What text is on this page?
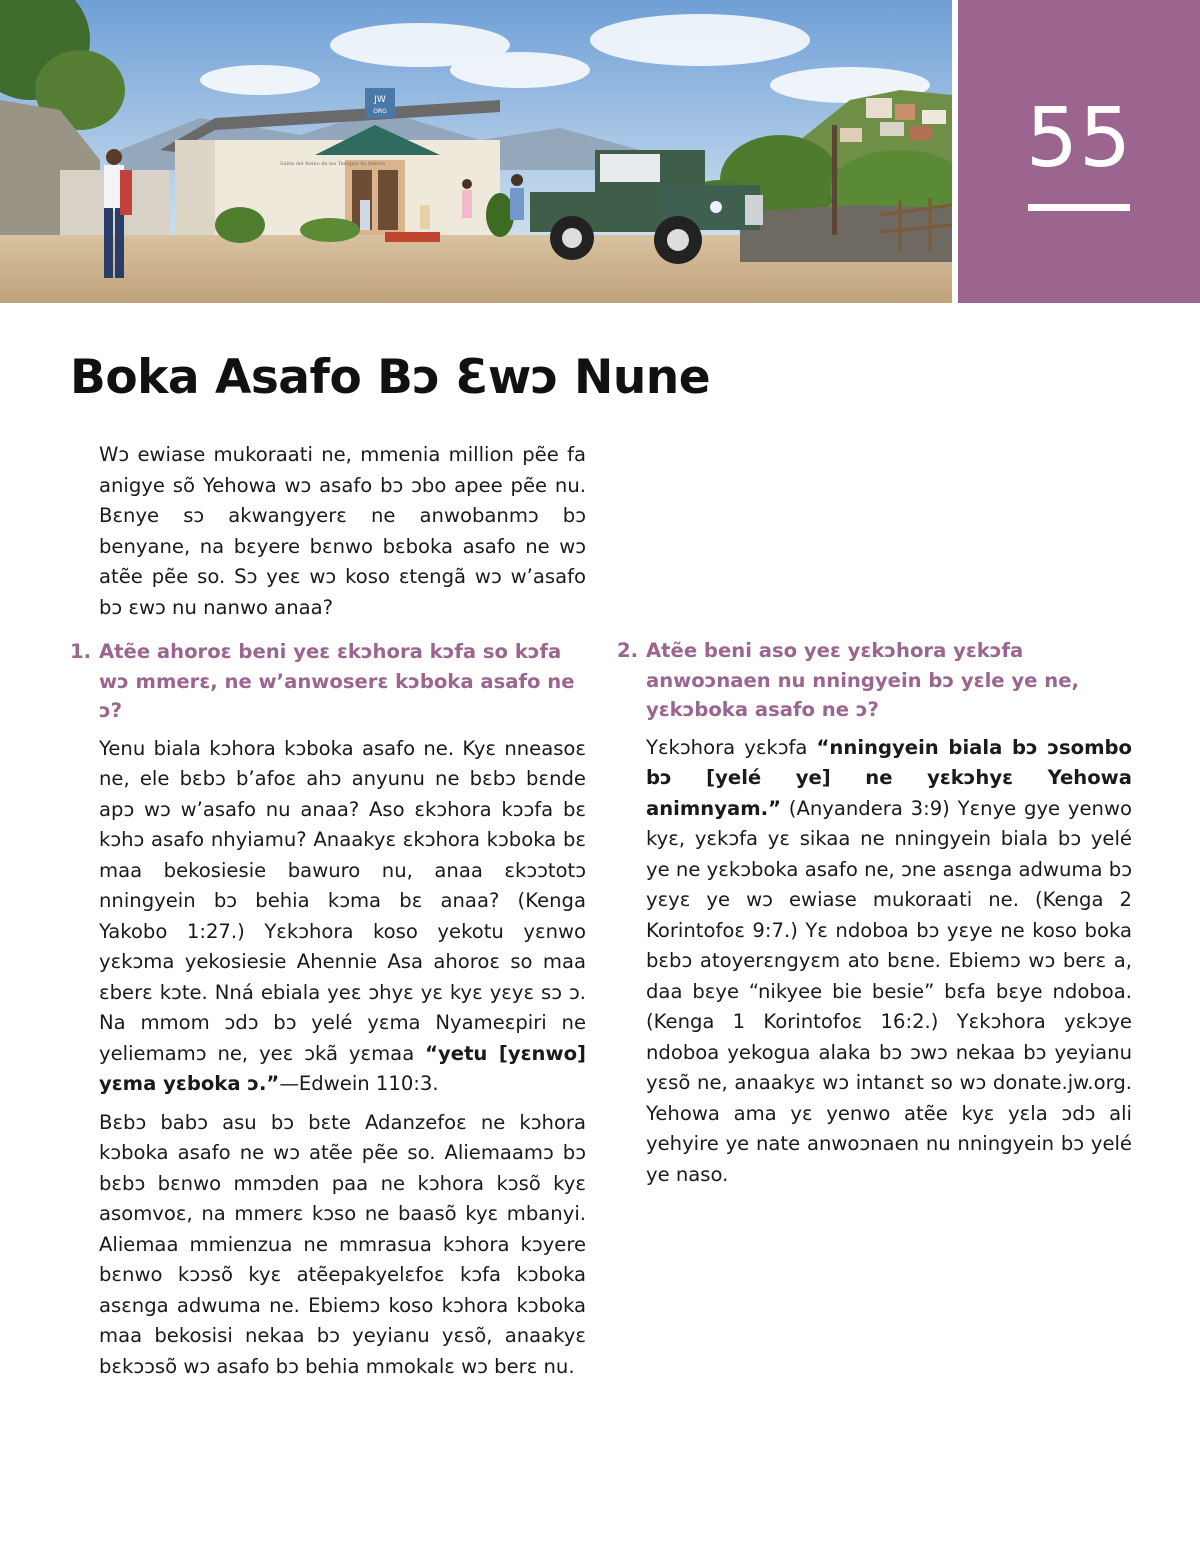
JW
ORG
Salón del Reino de los Testigos de Jehová	55
Boka Asafo Bɔ Ɛwɔ Nune

Wɔ ewiase mukoraati ne, mmenia million pẽe fa anigye sõ Yehowa wɔ asafo bɔ ɔbo apee pẽe nu. Bɛnye sɔ akwangyerɛ ne anwobanmɔ bɔ benyane, na bɛyere bɛnwo bɛboka asafo ne wɔ atẽe pẽe so. Sɔ yeɛ wɔ koso ɛtengã wɔ w’asafo bɔ ɛwɔ nu nanwo anaa?

1. Atẽe ahoroɛ beni yeɛ ɛkɔhora kɔfa so kɔfa wɔ mmerɛ, ne w’anwoserɛ kɔboka asafo ne ɔ?

Yenu biala kɔhora kɔboka asafo ne. Kyɛ nneasoɛ ne, ele bɛbɔ b’afoɛ ahɔ anyunu ne bɛbɔ bɛnde apɔ wɔ w’asafo nu anaa? Aso ɛkɔhora kɔɔfa bɛ kɔhɔ asafo nhyiamu? Anaakyɛ ɛkɔhora kɔboka bɛ maa bekosiesie bawuro nu, anaa ɛkɔɔtotɔ nningyein bɔ behia kɔma bɛ anaa? (Kenga Yakobo 1:27.) Yɛkɔhora koso yekotu yɛnwo yɛkɔma yekosiesie Ahennie Asa ahoroɛ so maa ɛberɛ kɔte. Nná ebiala yeɛ ɔhyɛ yɛ kyɛ yɛyɛ sɔ ɔ. Na mmom ɔdɔ bɔ yelé yɛma Nyameɛpiri ne yeliemamɔ ne, yeɛ ɔkã yɛmaa “yetu [yɛnwo] yɛma yɛboka ɔ.”—Edwein 110:3.

Bɛbɔ babɔ asu bɔ bɛte Adanzefoɛ ne kɔhora kɔboka asafo ne wɔ atẽe pẽe so. Aliemaamɔ bɔ bɛbɔ bɛnwo mmɔden paa ne kɔhora kɔsõ kyɛ asomvoɛ, na mmerɛ kɔso ne baasõ kyɛ mbanyi. Aliemaa mmienzua ne mmrasua kɔhora kɔyere bɛnwo kɔɔsõ kyɛ atẽepakyelɛfoɛ kɔfa kɔboka asɛnga adwuma ne. Ebiemɔ koso kɔhora kɔboka maa bekosisi nekaa bɔ yeyianu yɛsõ, anaakyɛ bɛkɔɔsõ wɔ asafo bɔ behia mmokalɛ wɔ berɛ nu.

2. Atẽe beni aso yeɛ yɛkɔhora yɛkɔfa anwoɔnaen nu nningyein bɔ yɛle ye ne, yɛkɔboka asafo ne ɔ?

Yɛkɔhora yɛkɔfa “nningyein biala bɔ ɔsombo bɔ [yelé ye] ne yɛkɔhyɛ Yehowa animnyam.” (Anyandera 3:9) Yɛnye gye yenwo kyɛ, yɛkɔfa yɛ sikaa ne nningyein biala bɔ yelé ye ne yɛkɔboka asafo ne, ɔne asɛnga adwuma bɔ yɛyɛ ye wɔ ewiase mukoraati ne. (Kenga 2 Korintofoɛ 9:7.) Yɛ ndoboa bɔ yɛye ne koso boka bɛbɔ atoyerɛngyɛm ato bɛne. Ebiemɔ wɔ berɛ a, daa bɛye “nikyee bie besie” bɛfa bɛye ndoboa. (Kenga 1 Korintofoɛ 16:2.) Yɛkɔhora yɛkɔye ndoboa yekogua alaka bɔ ɔwɔ nekaa bɔ yeyianu yɛsõ ne, anaakyɛ wɔ intanɛt so wɔ donate.jw.org. Yehowa ama yɛ yenwo atẽe kyɛ yɛla ɔdɔ ali yehyire ye nate anwoɔnaen nu nningyein bɔ yelé ye naso.
